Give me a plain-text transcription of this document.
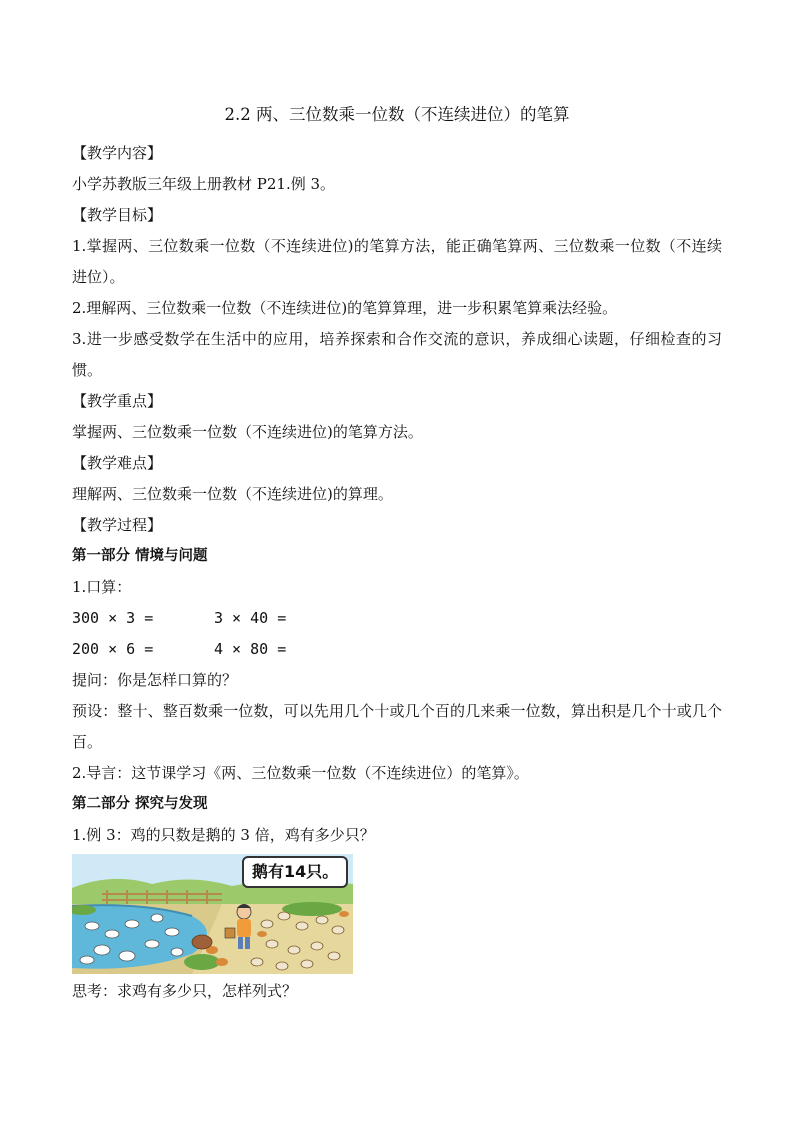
2.2 两、三位数乘一位数（不连续进位）的笔算

【教学内容】

小学苏教版三年级上册教材 P21.例 3。

【教学目标】

1.掌握两、三位数乘一位数（不连续进位)的笔算方法，能正确笔算两、三位数乘一位数（不连续进位）。

2.理解两、三位数乘一位数（不连续进位)的笔算算理，进一步积累笔算乘法经验。

3.进一步感受数学在生活中的应用，培养探索和合作交流的意识，养成细心读题，仔细检查的习惯。

【教学重点】

掌握两、三位数乘一位数（不连续进位)的笔算方法。

【教学难点】

理解两、三位数乘一位数（不连续进位)的算理。

【教学过程】

第一部分 情境与问题

1.口算：

300 × 3 =	3 × 40 =
200 × 6 =	4 × 80 =

提问：你是怎样口算的？

预设：整十、整百数乘一位数，可以先用几个十或几个百的几来乘一位数，算出积是几个十或几个百。

2.导言：这节课学习《两、三位数乘一位数（不连续进位）的笔算》。

第二部分 探究与发现

1.例 3：鸡的只数是鹅的 3 倍，鸡有多少只？

鹅有14只。

思考：求鸡有多少只，怎样列式？
